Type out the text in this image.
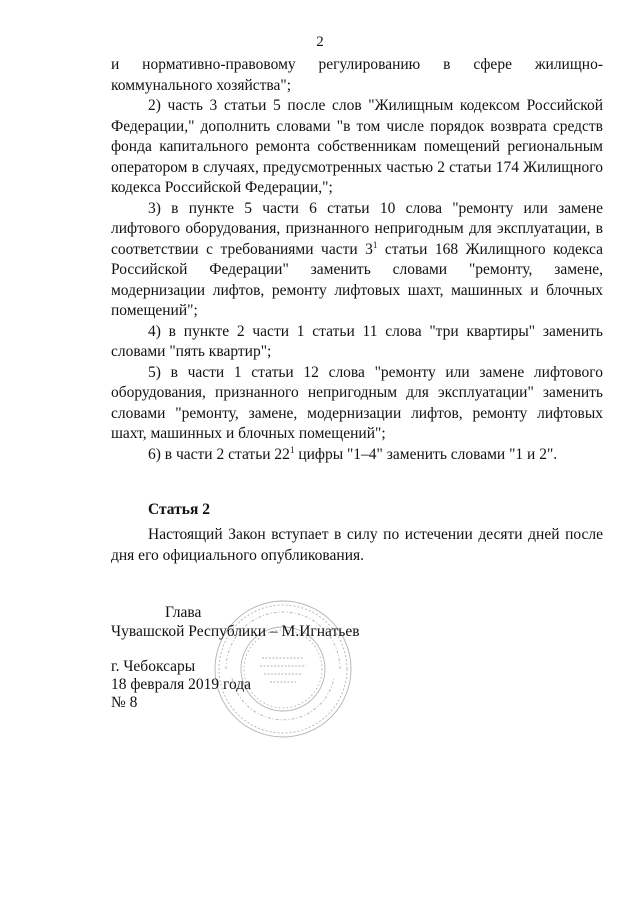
2

и нормативно-правовому регулированию в сфере жилищно-коммунального хозяйства";

2) часть 3 статьи 5 после слов "Жилищным кодексом Российской Федерации," дополнить словами "в том числе порядок возврата средств фонда капитального ремонта собственникам помещений региональным оператором в случаях, предусмотренных частью 2 статьи 174 Жилищного кодекса Российской Федерации,";

3) в пункте 5 части 6 статьи 10 слова "ремонту или замене лифтового оборудования, признанного непригодным для эксплуатации, в соответствии с требованиями части $3^1$ статьи 168 Жилищного кодекса Российской Федерации" заменить словами "ремонту, замене, модернизации лифтов, ремонту лифтовых шахт, машинных и блочных помещений";

4) в пункте 2 части 1 статьи 11 слова "три квартиры" заменить словами "пять квартир";

5) в части 1 статьи 12 слова "ремонту или замене лифтового оборудования, признанного непригодным для эксплуатации" заменить словами "ремонту, замене, модернизации лифтов, ремонту лифтовых шахт, машинных и блочных помещений";

6) в части 2 статьи $22^1$ цифры "1–4" заменить словами "1 и 2".

Статья 2

Настоящий Закон вступает в силу по истечении десяти дней после дня его официального опубликования.

Глава
Чувашской Республики – М.Игнатьев
г. Чебоксары
18 февраля 2019 года
№ 8
